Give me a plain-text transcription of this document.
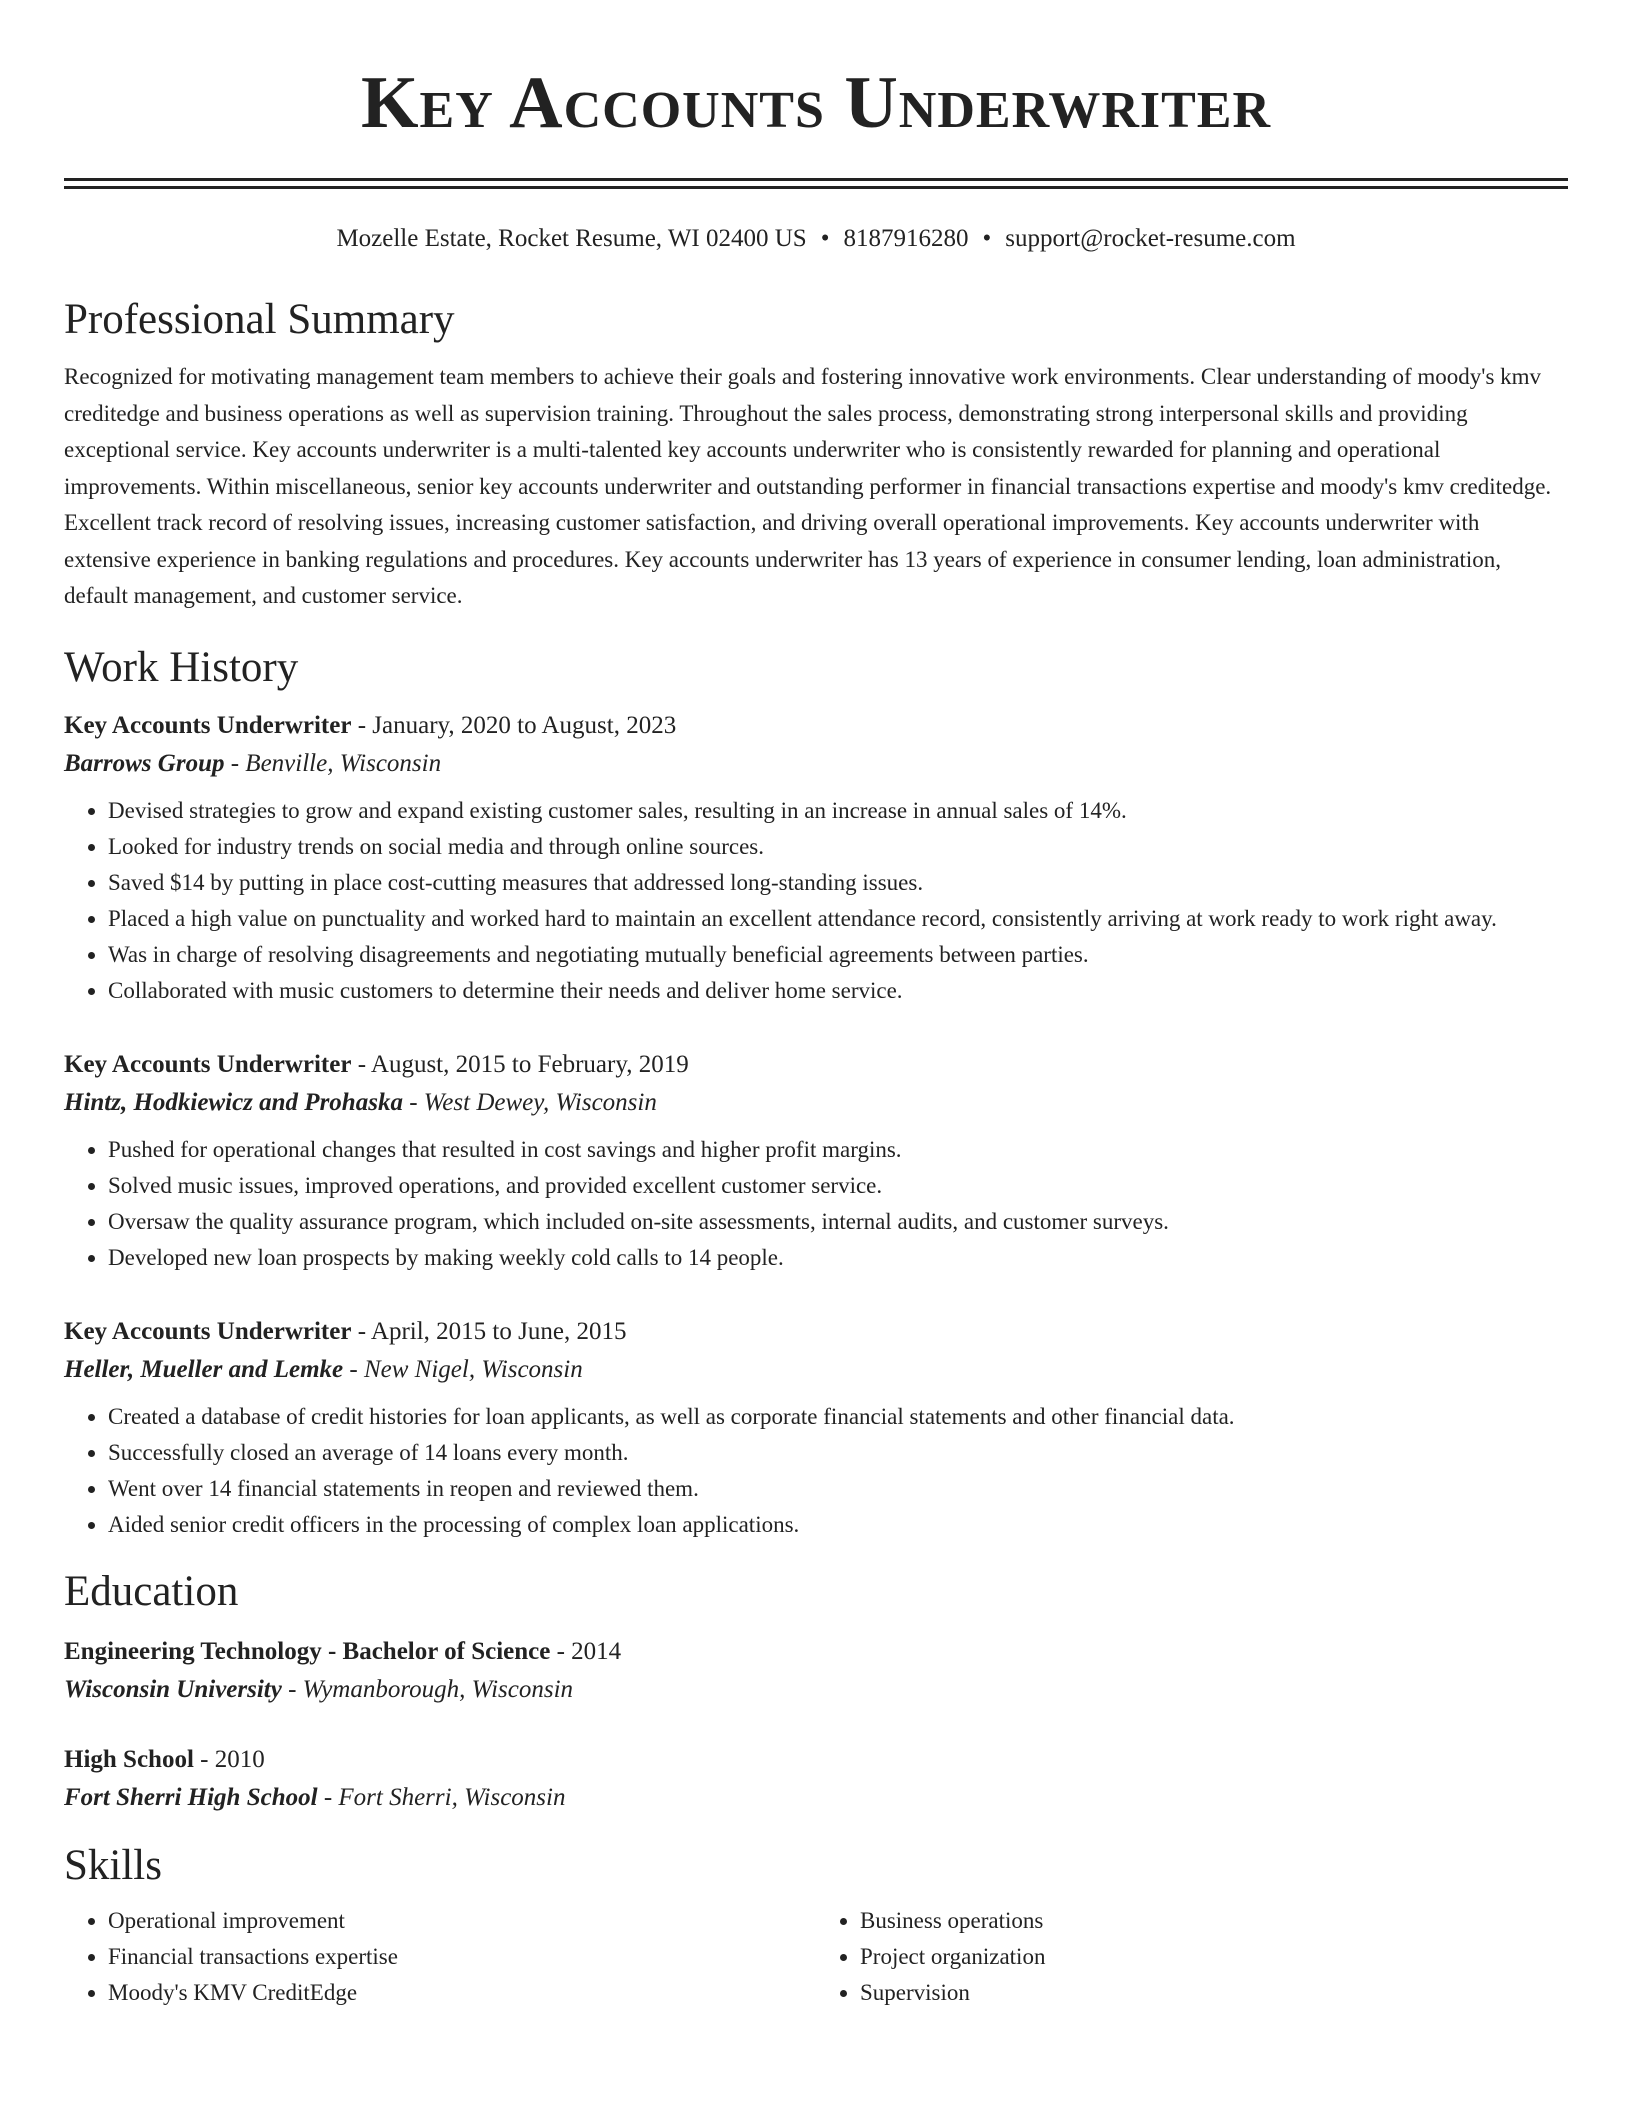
Key Accounts Underwriter
Mozelle Estate, Rocket Resume, WI 02400 US • 8187916280 • support@rocket-resume.com
Professional Summary
Recognized for motivating management team members to achieve their goals and fostering innovative work environments. Clear understanding of moody's kmv creditedge and business operations as well as supervision training. Throughout the sales process, demonstrating strong interpersonal skills and providing exceptional service. Key accounts underwriter is a multi-talented key accounts underwriter who is consistently rewarded for planning and operational improvements. Within miscellaneous, senior key accounts underwriter and outstanding performer in financial transactions expertise and moody's kmv creditedge. Excellent track record of resolving issues, increasing customer satisfaction, and driving overall operational improvements. Key accounts underwriter with extensive experience in banking regulations and procedures. Key accounts underwriter has 13 years of experience in consumer lending, loan administration, default management, and customer service.
Work History
Key Accounts Underwriter - January, 2020 to August, 2023
Barrows Group - Benville, Wisconsin
• Devised strategies to grow and expand existing customer sales, resulting in an increase in annual sales of 14%.
• Looked for industry trends on social media and through online sources.
• Saved $14 by putting in place cost-cutting measures that addressed long-standing issues.
• Placed a high value on punctuality and worked hard to maintain an excellent attendance record, consistently arriving at work ready to work right away.
• Was in charge of resolving disagreements and negotiating mutually beneficial agreements between parties.
• Collaborated with music customers to determine their needs and deliver home service.
Key Accounts Underwriter - August, 2015 to February, 2019
Hintz, Hodkiewicz and Prohaska - West Dewey, Wisconsin
• Pushed for operational changes that resulted in cost savings and higher profit margins.
• Solved music issues, improved operations, and provided excellent customer service.
• Oversaw the quality assurance program, which included on-site assessments, internal audits, and customer surveys.
• Developed new loan prospects by making weekly cold calls to 14 people.
Key Accounts Underwriter - April, 2015 to June, 2015
Heller, Mueller and Lemke - New Nigel, Wisconsin
• Created a database of credit histories for loan applicants, as well as corporate financial statements and other financial data.
• Successfully closed an average of 14 loans every month.
• Went over 14 financial statements in reopen and reviewed them.
• Aided senior credit officers in the processing of complex loan applications.
Education
Engineering Technology - Bachelor of Science - 2014
Wisconsin University - Wymanborough, Wisconsin
High School - 2010
Fort Sherri High School - Fort Sherri, Wisconsin
Skills
• Operational improvement
• Financial transactions expertise
• Moody's KMV CreditEdge
• Business operations
• Project organization
• Supervision
